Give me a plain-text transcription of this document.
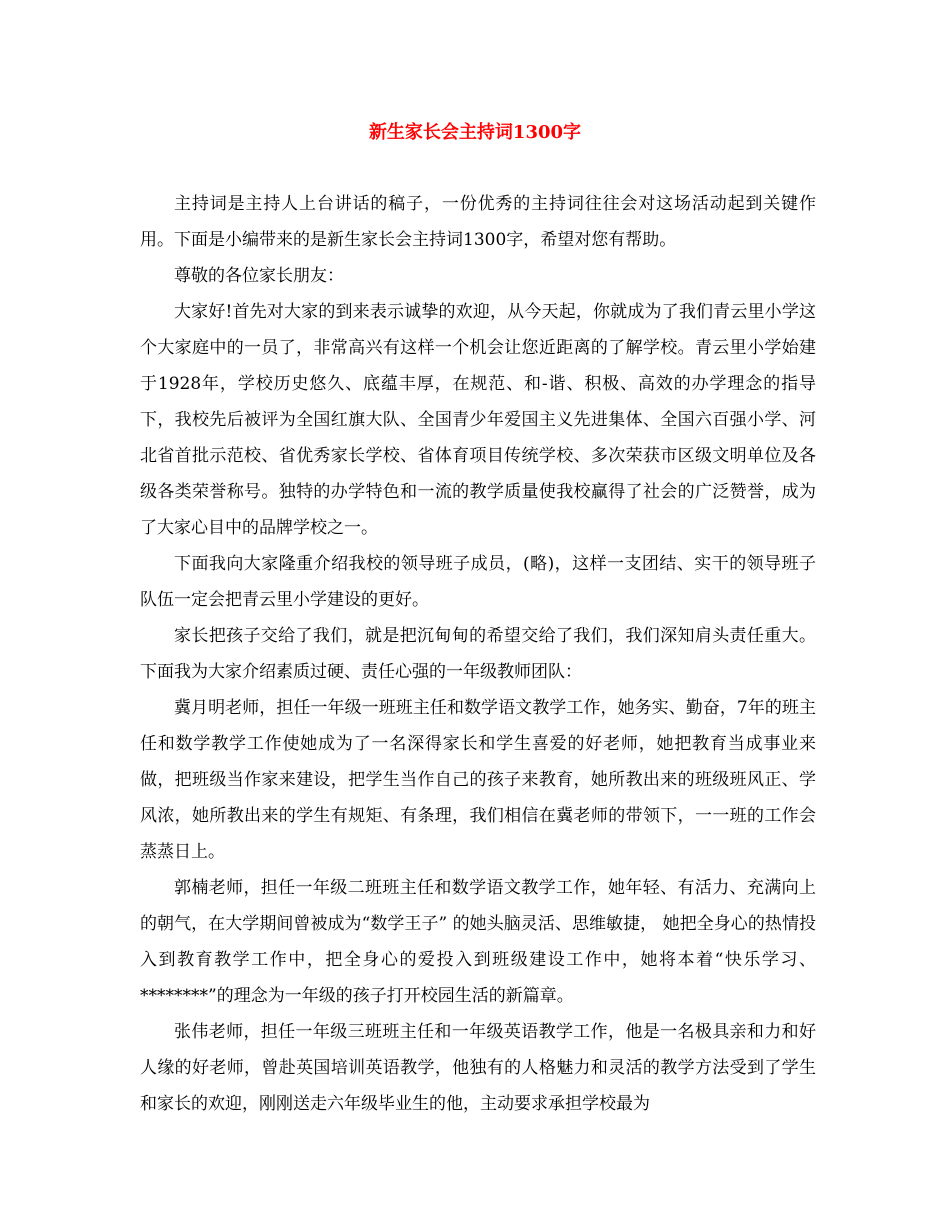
新生家长会主持词1300字

主持词是主持人上台讲话的稿子，一份优秀的主持词往往会对这场活动起到关键作用。下面是小编带来的是新生家长会主持词1300字，希望对您有帮助。

尊敬的各位家长朋友：

大家好!首先对大家的到来表示诚挚的欢迎，从今天起，你就成为了我们青云里小学这个大家庭中的一员了，非常高兴有这样一个机会让您近距离的了解学校。青云里小学始建于1928年，学校历史悠久、底蕴丰厚，在规范、和-谐、积极、高效的办学理念的指导下，我校先后被评为全国红旗大队、全国青少年爱国主义先进集体、全国六百强小学、河北省首批示范校、省优秀家长学校、省体育项目传统学校、多次荣获市区级文明单位及各级各类荣誉称号。独特的办学特色和一流的教学质量使我校赢得了社会的广泛赞誉，成为了大家心目中的品牌学校之一。

下面我向大家隆重介绍我校的领导班子成员，(略)，这样一支团结、实干的领导班子队伍一定会把青云里小学建设的更好。

家长把孩子交给了我们，就是把沉甸甸的希望交给了我们，我们深知肩头责任重大。下面我为大家介绍素质过硬、责任心强的一年级教师团队：

冀月明老师，担任一年级一班班主任和数学语文教学工作，她务实、勤奋，7年的班主任和数学教学工作使她成为了一名深得家长和学生喜爱的好老师，她把教育当成事业来做，把班级当作家来建设，把学生当作自己的孩子来教育，她所教出来的班级班风正、学风浓，她所教出来的学生有规矩、有条理，我们相信在冀老师的带领下，一一班的工作会蒸蒸日上。

郭楠老师，担任一年级二班班主任和数学语文教学工作，她年轻、有活力、充满向上的朝气，在大学期间曾被成为“数学王子” 的她头脑灵活、思维敏捷， 她把全身心的热情投入到教育教学工作中，把全身心的爱投入到班级建设工作中，她将本着“快乐学习、********”的理念为一年级的孩子打开校园生活的新篇章。

张伟老师，担任一年级三班班主任和一年级英语教学工作，他是一名极具亲和力和好人缘的好老师，曾赴英国培训英语教学，他独有的人格魅力和灵活的教学方法受到了学生和家长的欢迎，刚刚送走六年级毕业生的他，主动要求承担学校最为
